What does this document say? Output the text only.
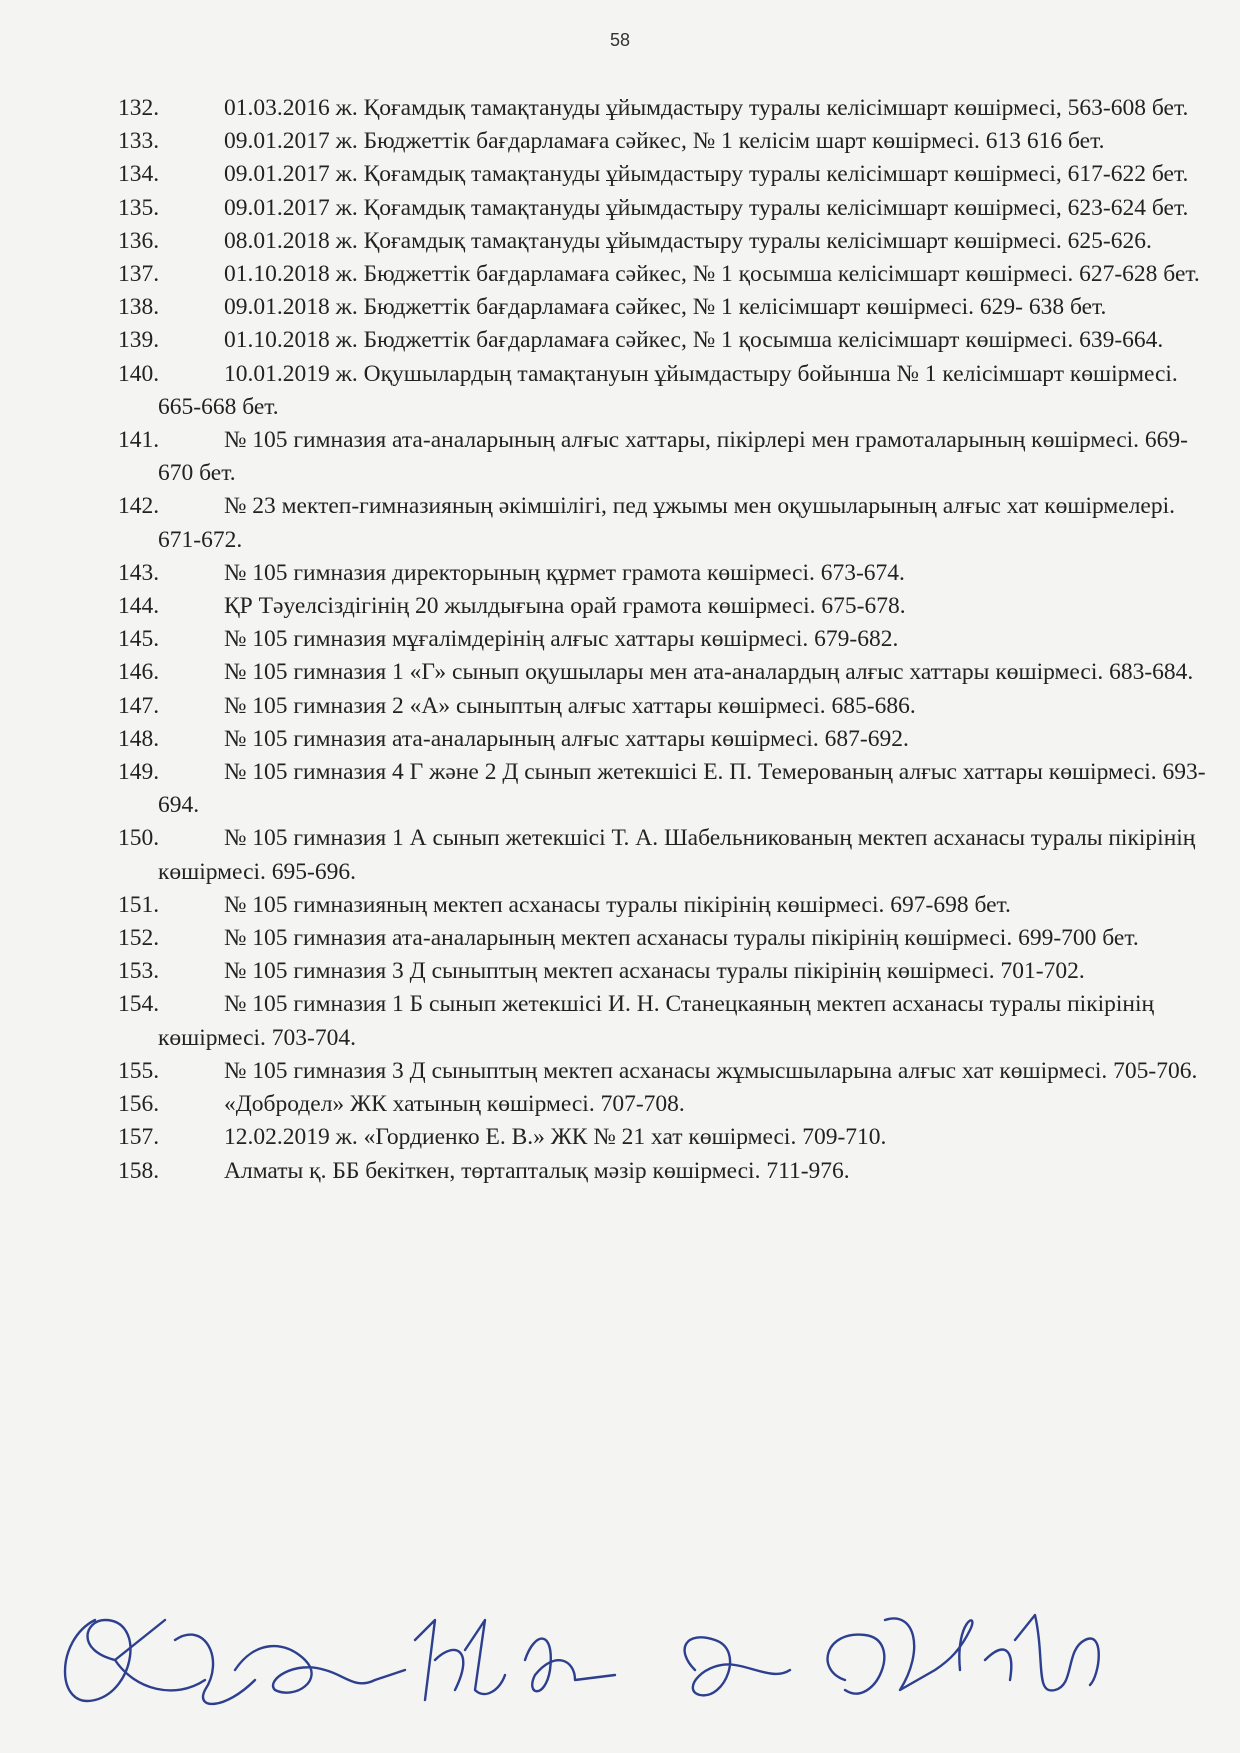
58
132.	01.03.2016 ж. Қоғамдық тамақтануды ұйымдастыру туралы келісімшарт көшірмесі, 563-608 бет.
133.	09.01.2017 ж. Бюджеттік бағдарламаға сәйкес, № 1 келісім шарт көшірмесі. 613 616 бет.
134.	09.01.2017 ж. Қоғамдық тамақтануды ұйымдастыру туралы келісімшарт көшірмесі, 617-622 бет.
135.	09.01.2017 ж. Қоғамдық тамақтануды ұйымдастыру туралы келісімшарт көшірмесі, 623-624 бет.
136.	08.01.2018 ж. Қоғамдық тамақтануды ұйымдастыру туралы келісімшарт көшірмесі. 625-626.
137.	01.10.2018 ж. Бюджеттік бағдарламаға сәйкес, № 1 қосымша келісімшарт көшірмесі. 627-628 бет.
138.	09.01.2018 ж. Бюджеттік бағдарламаға сәйкес, № 1 келісімшарт көшірмесі. 629- 638 бет.
139.	01.10.2018 ж. Бюджеттік бағдарламаға сәйкес, № 1 қосымша келісімшарт көшірмесі. 639-664.
140.	10.01.2019 ж. Оқушылардың тамақтануын ұйымдастыру бойынша № 1 келісімшарт көшірмесі. 665-668 бет.
141.	№ 105 гимназия ата-аналарының алғыс хаттары, пікірлері мен грамоталарының көшірмесі. 669-670 бет.
142.	№ 23 мектеп-гимназияның әкімшілігі, пед ұжымы мен оқушыларының алғыс хат көшірмелері. 671-672.
143.	№ 105 гимназия директорының құрмет грамота көшірмесі. 673-674.
144.	ҚР Тәуелсіздігінің 20 жылдығына орай грамота көшірмесі. 675-678.
145.	№ 105 гимназия мұғалімдерінің алғыс хаттары көшірмесі. 679-682.
146.	№ 105 гимназия 1 «Г» сынып оқушылары мен ата-аналардың алғыс хаттары көшірмесі. 683-684.
147.	№ 105 гимназия 2 «А» сыныптың алғыс хаттары көшірмесі. 685-686.
148.	№ 105 гимназия ата-аналарының алғыс хаттары көшірмесі. 687-692.
149.	№ 105 гимназия 4 Г және 2 Д сынып жетекшісі Е. П. Темерованың алғыс хаттары көшірмесі. 693-694.
150.	№ 105 гимназия 1 А сынып жетекшісі Т. А. Шабельникованың мектеп асханасы туралы пікірінің көшірмесі. 695-696.
151.	№ 105 гимназияның мектеп асханасы туралы пікірінің көшірмесі. 697-698 бет.
152.	№ 105 гимназия ата-аналарының мектеп асханасы туралы пікірінің көшірмесі. 699-700 бет.
153.	№ 105 гимназия 3 Д сыныптың мектеп асханасы туралы пікірінің көшірмесі. 701-702.
154.	№ 105 гимназия 1 Б сынып жетекшісі И. Н. Станецкаяның мектеп асханасы туралы пікірінің көшірмесі. 703-704.
155.	№ 105 гимназия 3 Д сыныптың мектеп асханасы жұмысшыларына алғыс хат көшірмесі. 705-706.
156.	«Добродел» ЖК хатының көшірмесі. 707-708.
157.	12.02.2019 ж. «Гордиенко Е. В.» ЖК № 21 хат көшірмесі. 709-710.
158.	Алматы қ. ББ бекіткен, төртапталық мәзір көшірмесі. 711-976.
